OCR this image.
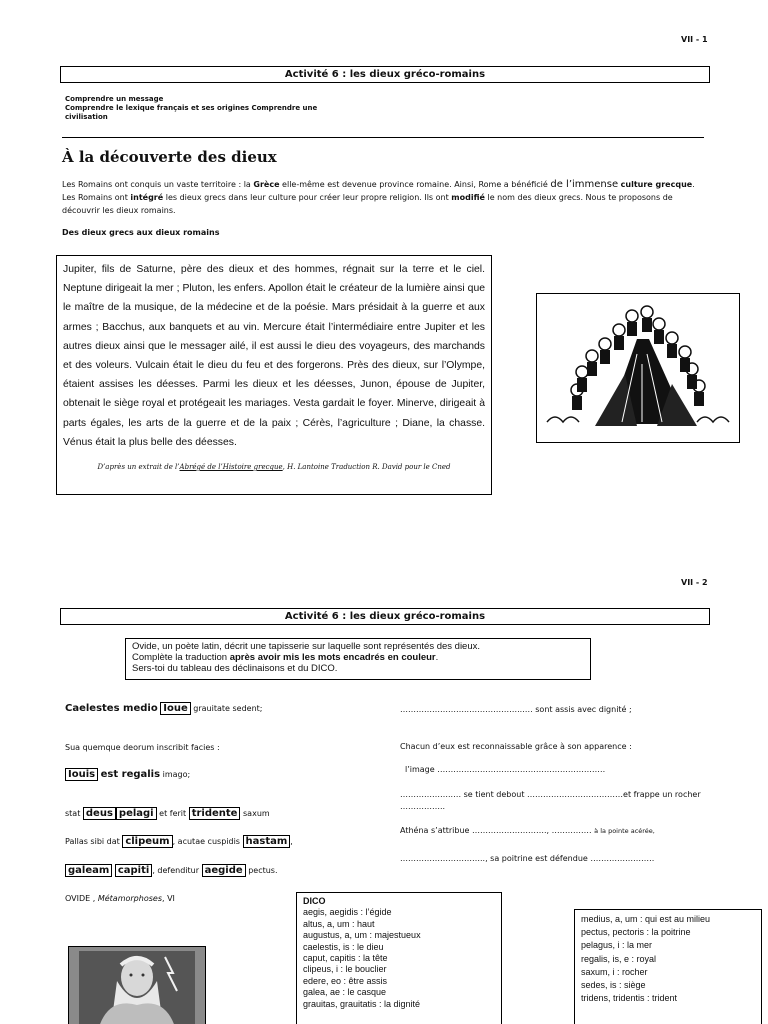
VII - 1
Activité 6 : les dieux gréco-romains
Comprendre un message
Comprendre le lexique français et ses origines Comprendre une
civilisation
À la découverte des dieux
Les Romains ont conquis un vaste territoire : la Grèce elle-même est devenue province romaine. Ainsi, Rome a bénéficié de l’immense culture grecque. Les Romains ont intégré les dieux grecs dans leur culture pour créer leur propre religion. Ils ont modifié le nom des dieux grecs. Nous te proposons de découvrir les dieux romains.
Des dieux grecs aux dieux romains
Jupiter, fils de Saturne, père des dieux et des hommes, régnait sur la terre et le ciel. Neptune dirigeait la mer ; Pluton, les enfers. Apollon était le créateur de la lumière ainsi que le maître de la musique, de la médecine et de la poésie. Mars présidait à la guerre et aux armes ; Bacchus, aux banquets et au vin. Mercure était l’intermédiaire entre Jupiter et les autres dieux ainsi que le messager ailé, il est aussi le dieu des voyageurs, des marchands et des voleurs. Vulcain était le dieu du feu et des forgerons. Près des dieux, sur l’Olympe, étaient assises les déesses. Parmi les dieux et les déesses, Junon, épouse de Jupiter, obtenait le siège royal et protégeait les mariages. Vesta gardait le foyer. Minerve, dirigeait à parts égales, les arts de la guerre et de la paix ; Cérès, l’agriculture ; Diane, la chasse. Vénus était la plus belle des déesses.
D’après un extrait de l’Abrégé de l’Histoire grecque, H. Lantoine Traduction R. David pour le Cned
VII - 2
Activité 6 : les dieux gréco-romains
Ovide, un poète latin, décrit une tapisserie sur laquelle sont représentés des dieux.
Complète la traduction après avoir mis les mots encadrés en couleur.
Sers-toi du tableau des déclinaisons et du DICO.
Caelestes medio Ioue grauitate sedent;
Sua quemque deorum inscribit facies :
Iouis est regalis imago;
stat deus pelagi et ferit tridente saxum
Pallas sibi dat clipeum , acutae cuspidis hastam ,
galeam capiti , defenditur aegide pectus.
OVIDE , Métamorphoses, VI
……………………..………………..…. sont assis avec dignité ;
Chacun d’eux est reconnaissable grâce à son apparence :
l’image ………………………………………………………
………………..… se tient debout ………………………………et frappe un rocher
……………..
Athéna s’attribue ………………………., …………… à la pointe acérée,
………………………….., sa poitrine est défendue ……………………
DICO
aegis, aegidis : l’égide
altus, a, um : haut
augustus, a, um : majestueux
caelestis, is : le dieu
caput, capitis : la tête
clipeus, i : le bouclier
edere, eo : être assis
galea, ae : le casque
grauitas, grauitatis : la dignité
medius, a, um : qui est au milieu
pectus, pectoris : la poitrine
pelagus, i : la mer
regalis, is, e : royal
saxum, i : rocher
sedes, is : siège
tridens, tridentis : trident
